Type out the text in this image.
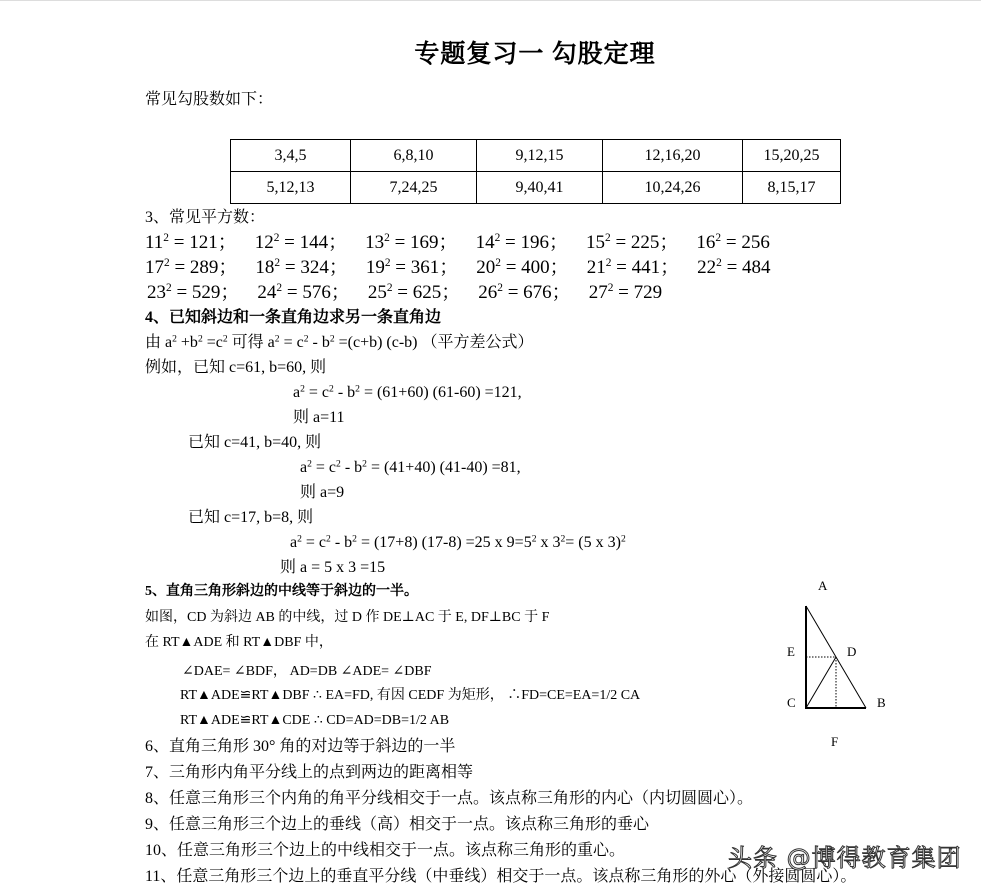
专题复习一 勾股定理
常见勾股数如下：
3,4,5	6,8,10	9,12,15	12,16,20	15,20,25
5,12,13	7,24,25	9,40,41	10,24,26	8,15,17
3、常见平方数：
$11^2 = 121$； $12^2 = 144$； $13^2 = 169$； $14^2 = 196$； $15^2 = 225$； $16^2 = 256$
$17^2 = 289$； $18^2 = 324$； $19^2 = 361$； $20^2 = 400$； $21^2 = 441$； $22^2 = 484$
$23^2 = 529$； $24^2 = 576$； $25^2 = 625$； $26^2 = 676$； $27^2 = 729$
4、已知斜边和一条直角边求另一条直角边
由 $a^2 +b^2 =c^2$ 可得 $a^2 = c^2 - b^2 =(c+b)$ (c-b) （平方差公式）
例如，已知 c=61, b=60, 则
$a^2 = c^2 - b^2 = (61+60)$ (61-60) =121,
则 a=11
已知 c=41, b=40, 则
$a^2 = c^2 - b^2 = (41+40)$ (41-40) =81,
则 a=9
已知 c=17, b=8, 则
$a^2 = c^2 - b^2 = (17+8)$ (17-8) =25 x $9=5^2$ x $3^2= (5$ x 3)$^2$
则 a = 5 x 3 =15
5、直角三角形斜边的中线等于斜边的一半。
如图，CD 为斜边 AB 的中线，过 D 作 DE⊥AC 于 E, DF⊥BC 于 F
在 RT▲ADE 和 RT▲DBF 中，
∠DAE= ∠BDF， AD=DB ∠ADE= ∠DBF
RT▲ADE≌RT▲DBF ∴ EA=FD, 有因 CEDF 为矩形， ∴FD=CE=EA=1/2 CA
RT▲ADE≌RT▲CDE ∴ CD=AD=DB=1/2 AB
A
E	D
C	B
F
6、直角三角形 30° 角的对边等于斜边的一半
7、三角形内角平分线上的点到两边的距离相等
8、任意三角形三个内角的角平分线相交于一点。该点称三角形的内心（内切圆圆心）。
9、任意三角形三个边上的垂线（高）相交于一点。该点称三角形的垂心
10、任意三角形三个边上的中线相交于一点。该点称三角形的重心。
11、任意三角形三个边上的垂直平分线（中垂线）相交于一点。该点称三角形的外心（外接圆圆心）。
头条 @博得教育集团
